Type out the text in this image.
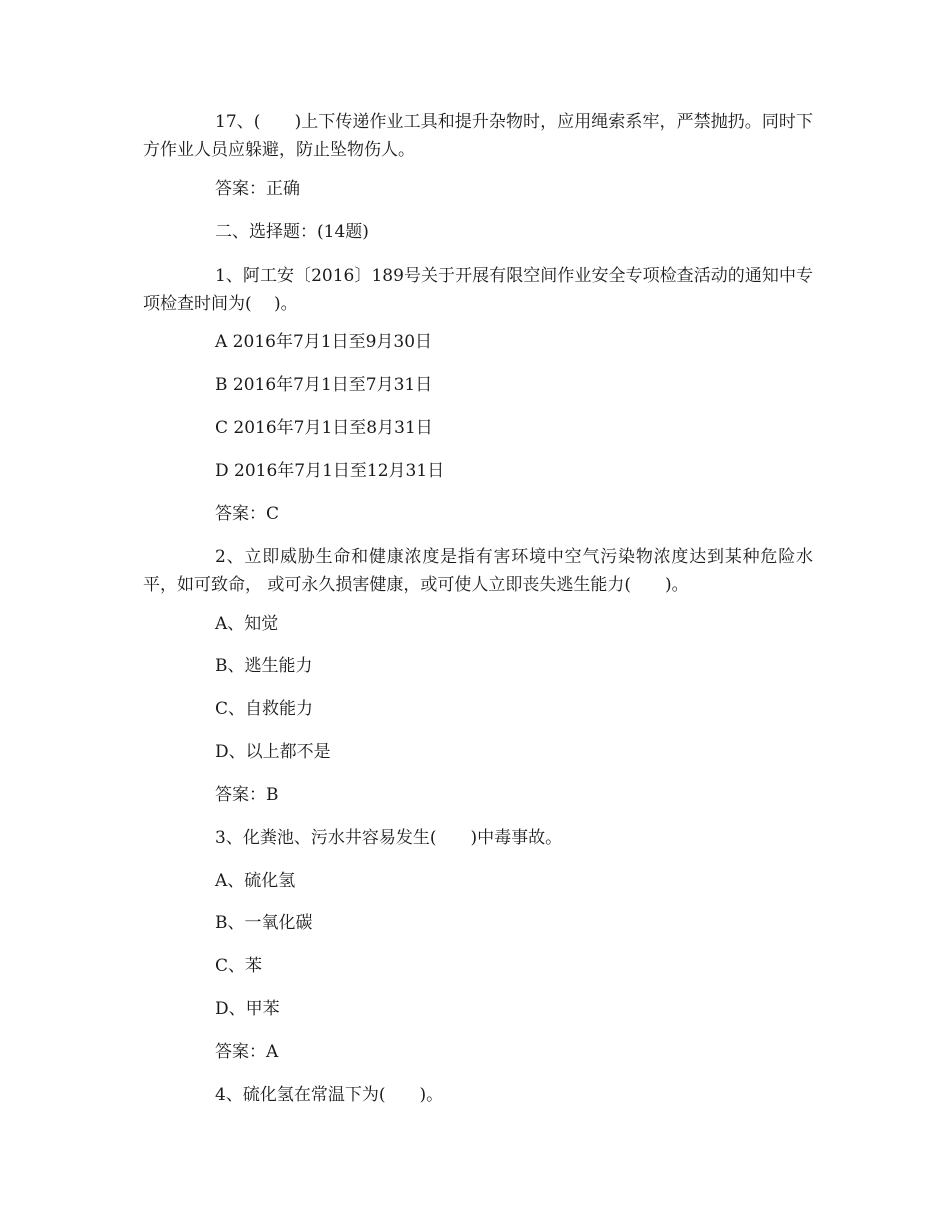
17、(　　)上下传递作业工具和提升杂物时，应用绳索系牢，严禁抛扔。同时下方作业人员应躲避，防止坠物伤人。
答案：正确
二、选择题：(14题)
1、阿工安〔2016〕189号关于开展有限空间作业安全专项检查活动的通知中专项检查时间为(　 )。
A 2016年7月1日至9月30日
B 2016年7月1日至7月31日
C 2016年7月1日至8月31日
D 2016年7月1日至12月31日
答案：C
2、立即威胁生命和健康浓度是指有害环境中空气污染物浓度达到某种危险水平，如可致命， 或可永久损害健康，或可使人立即丧失逃生能力(　　)。
A、知觉
B、逃生能力
C、自救能力
D、以上都不是
答案：B
3、化粪池、污水井容易发生(　　)中毒事故。
A、硫化氢
B、一氧化碳
C、苯
D、甲苯
答案：A
4、硫化氢在常温下为(　　)。
